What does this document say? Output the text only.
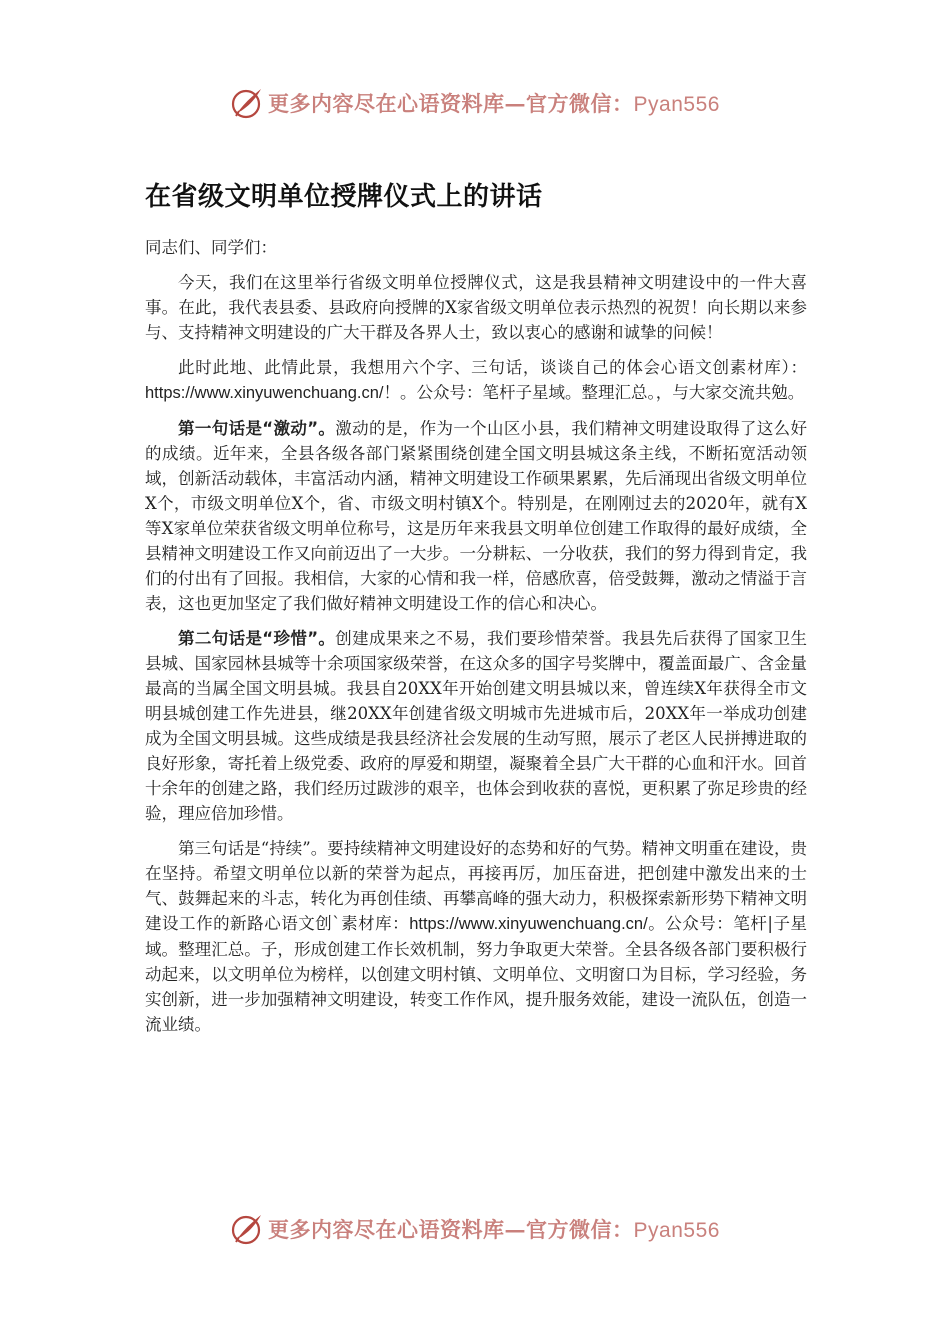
更多内容尽在心语资料库—官方微信：Pyan556
在省级文明单位授牌仪式上的讲话

同志们、同学们：

今天，我们在这里举行省级文明单位授牌仪式，这是我县精神文明建设中的一件大喜事。在此，我代表县委、县政府向授牌的X家省级文明单位表示热烈的祝贺！向长期以来参与、支持精神文明建设的广大干群及各界人士，致以衷心的感谢和诚挚的问候！

此时此地、此情此景，我想用六个字、三句话，谈谈自己的体会心语文创素材库）：https://www.xinyuwenchuang.cn/！。公众号：笔杆子星域。整理汇总。，与大家交流共勉。

第一句话是“激动”。激动的是，作为一个山区小县，我们精神文明建设取得了这么好的成绩。近年来，全县各级各部门紧紧围绕创建全国文明县城这条主线，不断拓宽活动领域，创新活动载体，丰富活动内涵，精神文明建设工作硕果累累，先后涌现出省级文明单位X个，市级文明单位X个，省、市级文明村镇X个。特别是，在刚刚过去的2020年，就有X等X家单位荣获省级文明单位称号，这是历年来我县文明单位创建工作取得的最好成绩，全县精神文明建设工作又向前迈出了一大步。一分耕耘、一分收获，我们的努力得到肯定，我们的付出有了回报。我相信，大家的心情和我一样，倍感欣喜，倍受鼓舞，激动之情溢于言表，这也更加坚定了我们做好精神文明建设工作的信心和决心。

第二句话是“珍惜”。创建成果来之不易，我们要珍惜荣誉。我县先后获得了国家卫生县城、国家园林县城等十余项国家级荣誉，在这众多的国字号奖牌中，覆盖面最广、含金量最高的当属全国文明县城。我县自20XX年开始创建文明县城以来，曾连续X年获得全市文明县城创建工作先进县，继20XX年创建省级文明城市先进城市后，20XX年一举成功创建成为全国文明县城。这些成绩是我县经济社会发展的生动写照，展示了老区人民拼搏进取的良好形象，寄托着上级党委、政府的厚爱和期望，凝聚着全县广大干群的心血和汗水。回首十余年的创建之路，我们经历过跋涉的艰辛，也体会到收获的喜悦，更积累了弥足珍贵的经验，理应倍加珍惜。

第三句话是“持续”。要持续精神文明建设好的态势和好的气势。精神文明重在建设，贵在坚持。希望文明单位以新的荣誉为起点，再接再厉，加压奋进，把创建中激发出来的士气、鼓舞起来的斗志，转化为再创佳绩、再攀高峰的强大动力，积极探索新形势下精神文明建设工作的新路心语文创`素材库：https://www.xinyuwenchuang.cn/。公众号：笔杆|子星域。整理汇总。子，形成创建工作长效机制，努力争取更大荣誉。全县各级各部门要积极行动起来，以文明单位为榜样，以创建文明村镇、文明单位、文明窗口为目标，学习经验，务实创新，进一步加强精神文明建设，转变工作作风，提升服务效能，建设一流队伍，创造一流业绩。

更多内容尽在心语资料库—官方微信：Pyan556
